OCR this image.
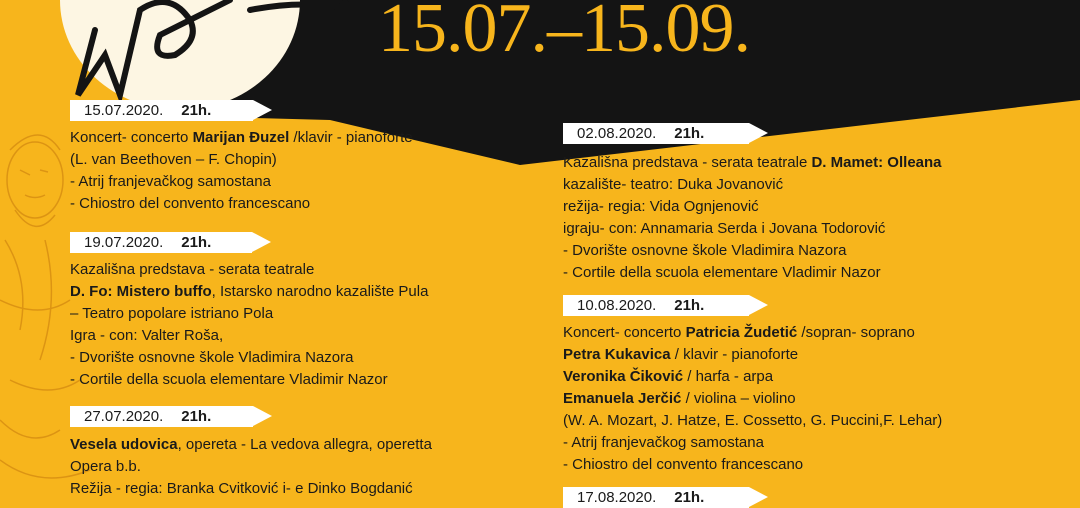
15.07.–15.09.
15.07.2020. 21h.
Koncert- concerto Marijan Đuzel /klavir - pianoforte
(L. van Beethoven – F. Chopin)
- Atrij franjevačkog samostana
- Chiostro del convento francescano
19.07.2020. 21h.
Kazališna predstava - serata teatrale
D. Fo: Mistero buffo, Istarsko narodno kazalište Pula
– Teatro popolare istriano Pola
Igra - con: Valter Roša,
- Dvorište osnovne škole Vladimira Nazora
- Cortile della scuola elementare Vladimir Nazor
27.07.2020. 21h.
Vesela udovica, opereta - La vedova allegra, operetta
Opera b.b.
Režija - regia: Branka Cvitković i- e Dinko Bogdanić
02.08.2020. 21h.
Kazališna predstava - serata teatrale D. Mamet: Olleana
kazalište- teatro: Duka Jovanović
režija- regia: Vida Ognjenović
igraju- con: Annamaria Serda i Jovana Todorović
- Dvorište osnovne škole Vladimira Nazora
- Cortile della scuola elementare Vladimir Nazor
10.08.2020. 21h.
Koncert- concerto Patricia Žudetić /sopran- soprano
Petra Kukavica / klavir - pianoforte
Veronika Čiković / harfa - arpa
Emanuela Jerčić / violina – violino
(W. A. Mozart, J. Hatze, E. Cossetto, G. Puccini,F. Lehar)
- Atrij franjevačkog samostana
- Chiostro del convento francescano
17.08.2020. 21h.
